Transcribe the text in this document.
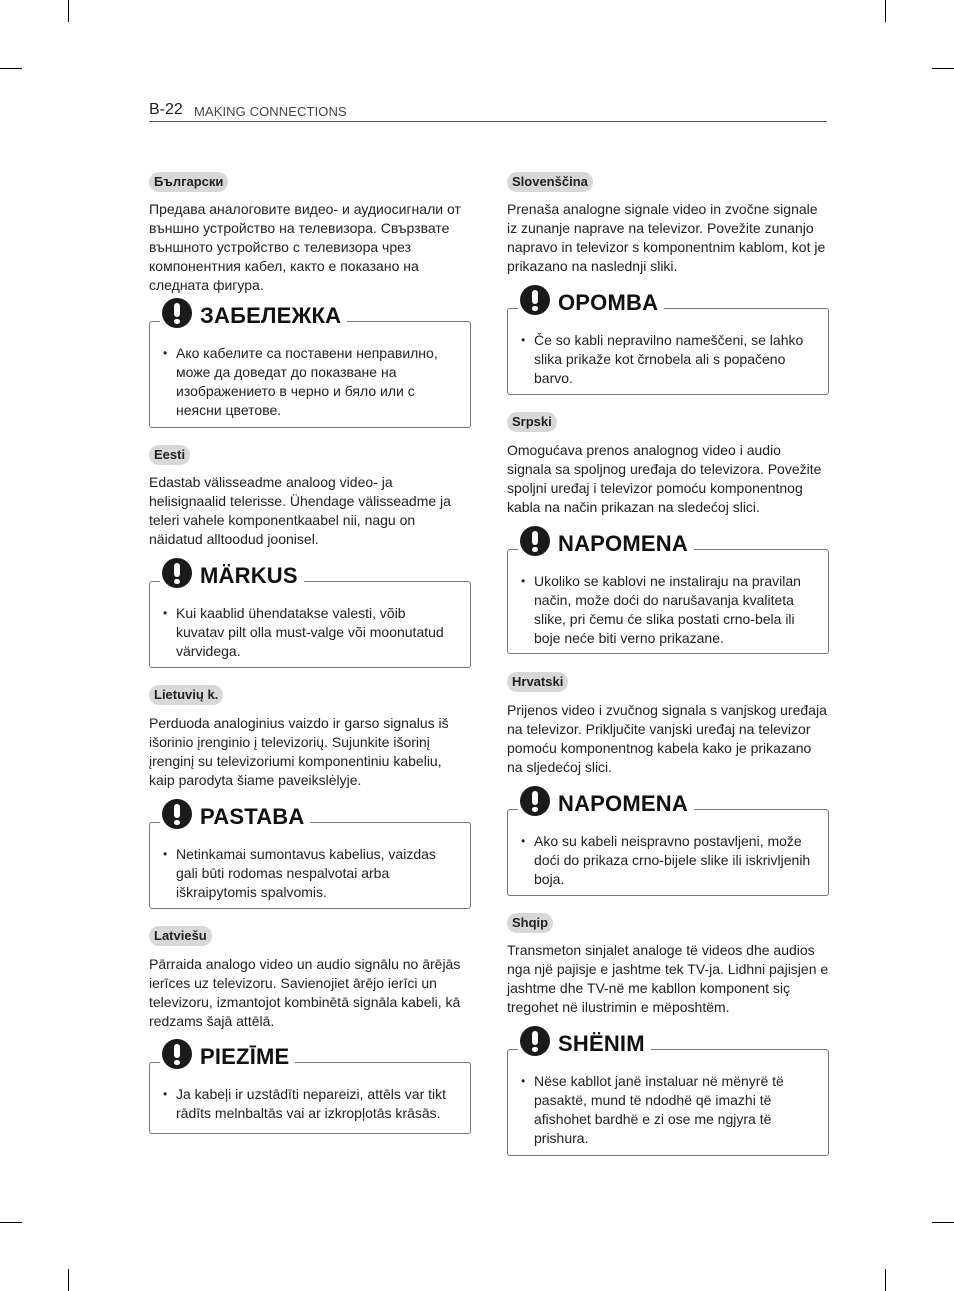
B-22 MAKING CONNECTIONS
Български
Предава аналоговите видео- и аудиосигнали от външно устройство на телевизора. Свързвате външното устройство с телевизора чрез компонентния кабел, както е показано на следната фигура.
ЗАБЕЛЕЖКА
• Ако кабелите са поставени неправилно, може да доведат до показване на изображението в черно и бяло или с неясни цветове.
Eesti
Edastab välisseadme analoog video- ja helisignaalid telerisse. Ühendage välisseadme ja teleri vahele komponentkaabel nii, nagu on näidatud alltoodud joonisel.
MÄRKUS
• Kui kaablid ühendatakse valesti, võib kuvatav pilt olla must-valge või moonutatud värvidega.
Lietuvių k.
Perduoda analoginius vaizdo ir garso signalus iš išorinio įrenginio į televizorių. Sujunkite išorinį įrenginį su televizoriumi komponentiniu kabeliu, kaip parodyta šiame paveikslėlyje.
PASTABA
• Netinkamai sumontavus kabelius, vaizdas gali būti rodomas nespalvotai arba iškraipytomis spalvomis.
Latviešu
Pārraida analogo video un audio signālu no ārējās ierīces uz televizoru. Savienojiet ārējo ierīci un televizoru, izmantojot kombinētā signāla kabeli, kā redzams šajā attēlā.
PIEZĪME
• Ja kabeļi ir uzstādīti nepareizi, attēls var tikt rādīts melnbaltās vai ar izkropļotās krāsās.
Slovenščina
Prenaša analogne signale video in zvočne signale iz zunanje naprave na televizor. Povežite zunanjo napravo in televizor s komponentnim kablom, kot je prikazano na naslednji sliki.
OPOMBA
• Če so kabli nepravilno nameščeni, se lahko slika prikaže kot črnobela ali s popačeno barvo.
Srpski
Omogućava prenos analognog video i audio signala sa spoljnog uređaja do televizora. Povežite spoljni uređaj i televizor pomoću komponentnog kabla na način prikazan na sledećoj slici.
NAPOMENA
• Ukoliko se kablovi ne instaliraju na pravilan način, može doći do narušavanja kvaliteta slike, pri čemu će slika postati crno-bela ili boje neće biti verno prikazane.
Hrvatski
Prijenos video i zvučnog signala s vanjskog uređaja na televizor. Priključite vanjski uređaj na televizor pomoću komponentnog kabela kako je prikazano na sljedećoj slici.
NAPOMENA
• Ako su kabeli neispravno postavljeni, može doći do prikaza crno-bijele slike ili iskrivljenih boja.
Shqip
Transmeton sinjalet analoge të videos dhe audios nga një pajisje e jashtme tek TV-ja. Lidhni pajisjen e jashtme dhe TV-në me kabllon komponent siç tregohet në ilustrimin e mëposhtëm.
SHËNIM
• Nëse kabllot janë instaluar në mënyrë të pasaktë, mund të ndodhë që imazhi të afishohet bardhë e zi ose me ngjyra të prishura.
